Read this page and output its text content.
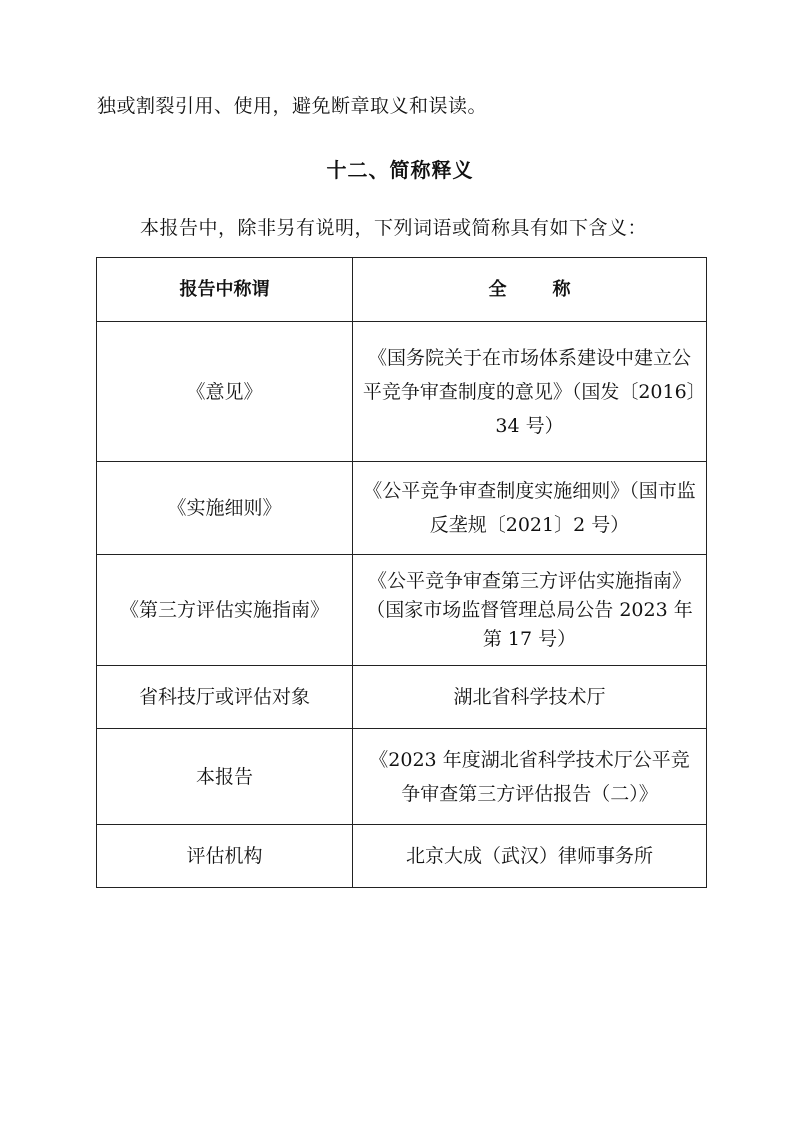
独或割裂引用、使用，避免断章取义和误读。
十二、简称释义
本报告中，除非另有说明，下列词语或简称具有如下含义：
报告中称谓	全 称
《意见》	《国务院关于在市场体系建设中建立公平竞争审查制度的意见》（国发〔2016〕34 号）
《实施细则》	《公平竞争审查制度实施细则》（国市监反垄规〔2021〕2 号）
《第三方评估实施指南》	《公平竞争审查第三方评估实施指南》（国家市场监督管理总局公告 2023 年第 17 号）
省科技厅或评估对象	湖北省科学技术厅
本报告	《2023 年度湖北省科学技术厅公平竞争审查第三方评估报告（二）》
评估机构	北京大成（武汉）律师事务所
